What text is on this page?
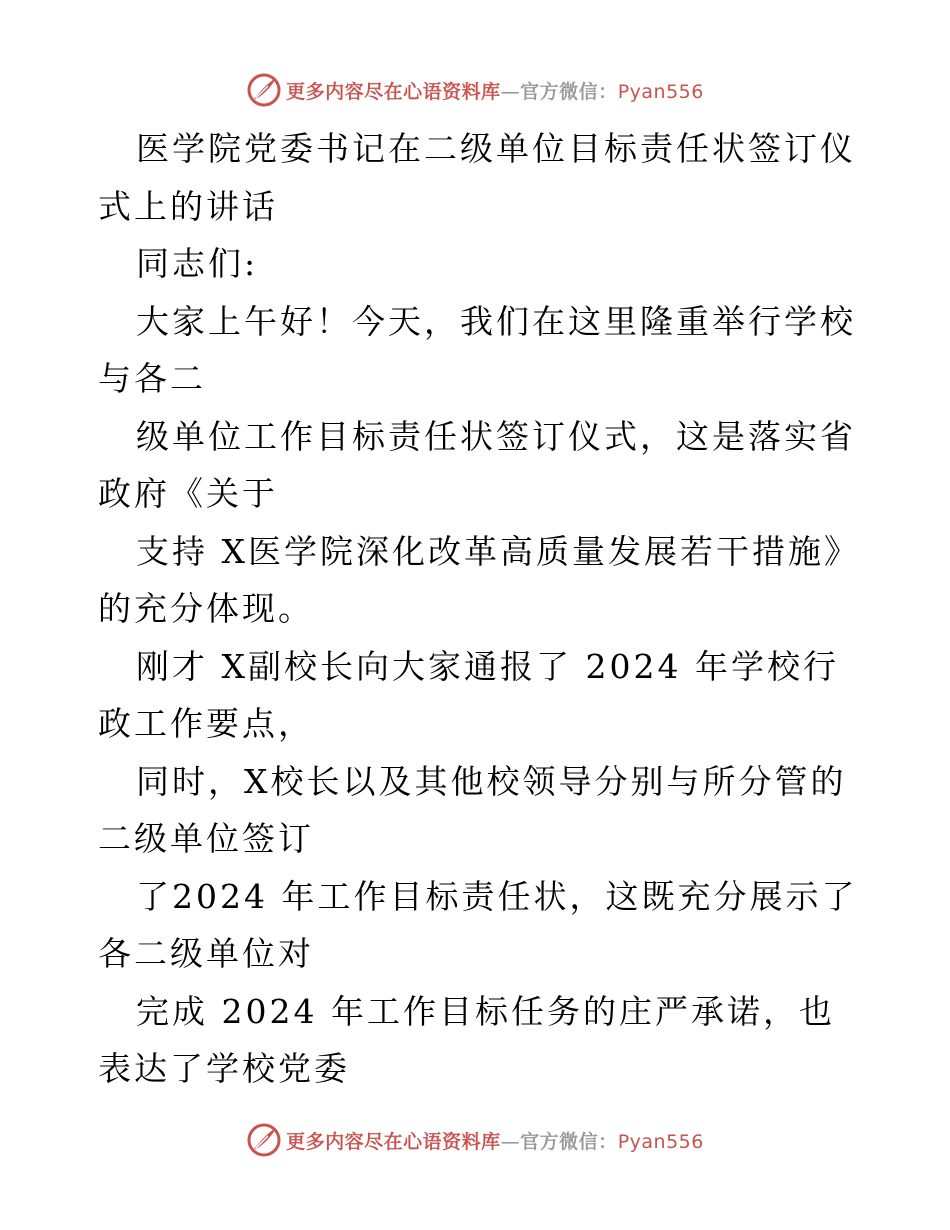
更多内容尽在心语资料库—官方微信：Pyan556

医学院党委书记在二级单位目标责任状签订仪式上的讲话

同志们:

大家上午好！今天，我们在这里隆重举行学校与各二

级单位工作目标责任状签订仪式，这是落实省政府《关于

支持 X医学院深化改革高质量发展若干措施》的充分体现。

刚才 X副校长向大家通报了 2024 年学校行政工作要点，

同时，X校长以及其他校领导分别与所分管的二级单位签订

了2024 年工作目标责任状，这既充分展示了各二级单位对

完成 2024 年工作目标任务的庄严承诺，也表达了学校党委

更多内容尽在心语资料库—官方微信：Pyan556
